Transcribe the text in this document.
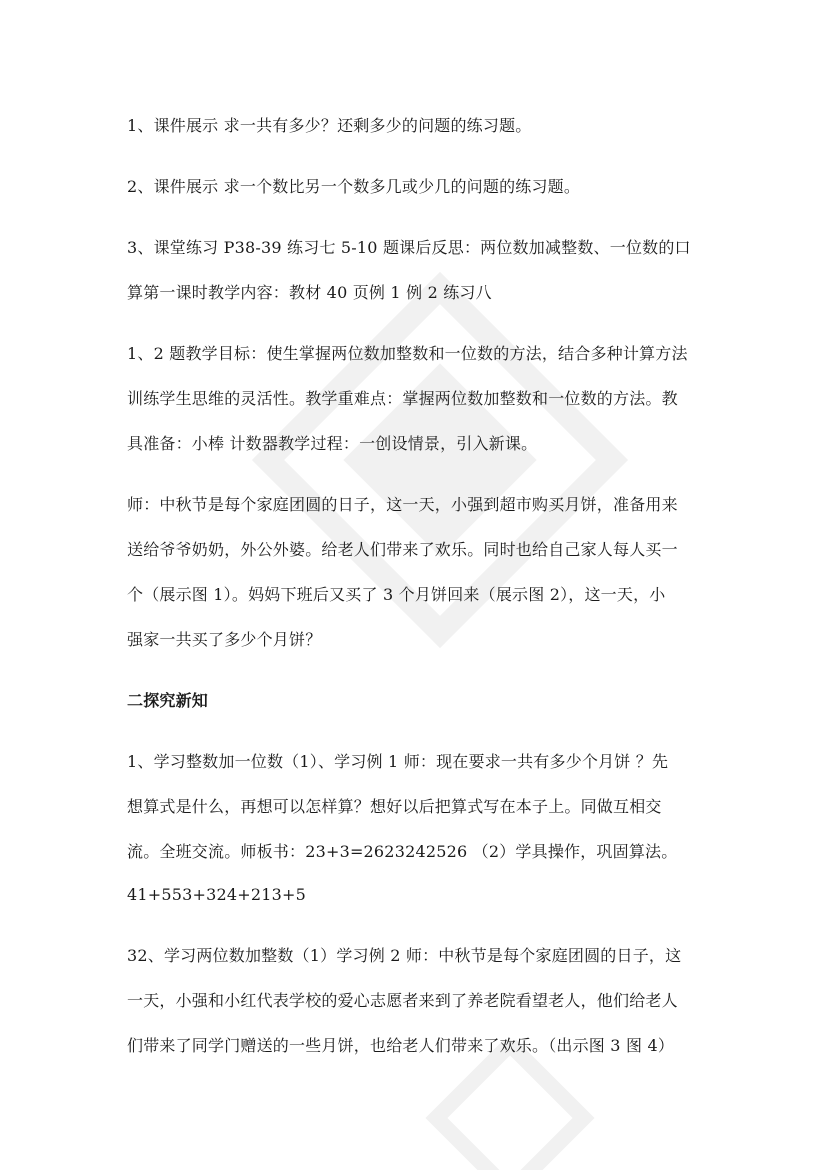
1、课件展示 求一共有多少？还剩多少的问题的练习题。
2、课件展示 求一个数比另一个数多几或少几的问题的练习题。
3、课堂练习 P38-39 练习七 5-10 题课后反思：两位数加减整数、一位数的口
算第一课时教学内容：教材 40 页例 1 例 2 练习八
1、2 题教学目标：使生掌握两位数加整数和一位数的方法，结合多种计算方法
训练学生思维的灵活性。教学重难点：掌握两位数加整数和一位数的方法。教
具准备：小棒 计数器教学过程：一创设情景，引入新课。
师：中秋节是每个家庭团圆的日子，这一天，小强到超市购买月饼，准备用来
送给爷爷奶奶，外公外婆。给老人们带来了欢乐。同时也给自己家人每人买一
个（展示图 1）。妈妈下班后又买了 3 个月饼回来（展示图 2），这一天，小
强家一共买了多少个月饼？
二探究新知
1、学习整数加一位数（1）、学习例 1 师：现在要求一共有多少个月饼 ？先
想算式是什么，再想可以怎样算？想好以后把算式写在本子上。同做互相交
流。全班交流。师板书：23+3=2623242526 （2）学具操作，巩固算法。
41+553+324+213+5
32、学习两位数加整数（1）学习例 2 师：中秋节是每个家庭团圆的日子，这
一天，小强和小红代表学校的爱心志愿者来到了养老院看望老人，他们给老人
们带来了同学门赠送的一些月饼，也给老人们带来了欢乐。（出示图 3 图 4）
